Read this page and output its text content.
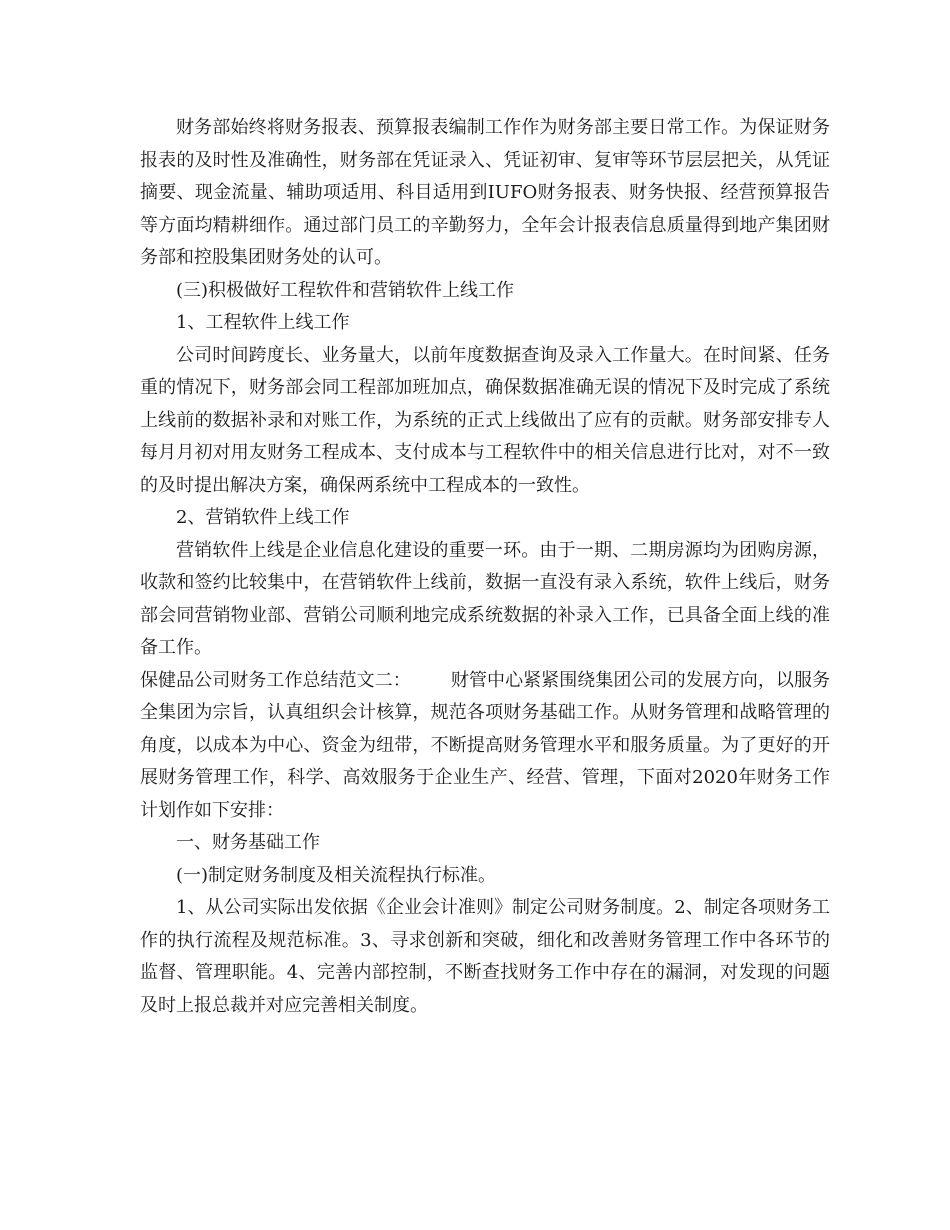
财务部始终将财务报表、预算报表编制工作作为财务部主要日常工作。为保证财务报表的及时性及准确性，财务部在凭证录入、凭证初审、复审等环节层层把关，从凭证摘要、现金流量、辅助项适用、科目适用到IUFO财务报表、财务快报、经营预算报告等方面均精耕细作。通过部门员工的辛勤努力，全年会计报表信息质量得到地产集团财务部和控股集团财务处的认可。

(三)积极做好工程软件和营销软件上线工作

1、工程软件上线工作

公司时间跨度长、业务量大，以前年度数据查询及录入工作量大。在时间紧、任务重的情况下，财务部会同工程部加班加点，确保数据准确无误的情况下及时完成了系统上线前的数据补录和对账工作，为系统的正式上线做出了应有的贡献。财务部安排专人每月月初对用友财务工程成本、支付成本与工程软件中的相关信息进行比对，对不一致的及时提出解决方案，确保两系统中工程成本的一致性。

2、营销软件上线工作

营销软件上线是企业信息化建设的重要一环。由于一期、二期房源均为团购房源，收款和签约比较集中，在营销软件上线前，数据一直没有录入系统，软件上线后，财务部会同营销物业部、营销公司顺利地完成系统数据的补录入工作，已具备全面上线的准备工作。

保健品公司财务工作总结范文二： 财管中心紧紧围绕集团公司的发展方向，以服务全集团为宗旨，认真组织会计核算，规范各项财务基础工作。从财务管理和战略管理的角度，以成本为中心、资金为纽带，不断提高财务管理水平和服务质量。为了更好的开展财务管理工作，科学、高效服务于企业生产、经营、管理，下面对2020年财务工作计划作如下安排：

一、财务基础工作

(一)制定财务制度及相关流程执行标准。

1、从公司实际出发依据《企业会计准则》制定公司财务制度。2、制定各项财务工作的执行流程及规范标准。3、寻求创新和突破，细化和改善财务管理工作中各环节的监督、管理职能。4、完善内部控制，不断查找财务工作中存在的漏洞，对发现的问题及时上报总裁并对应完善相关制度。
